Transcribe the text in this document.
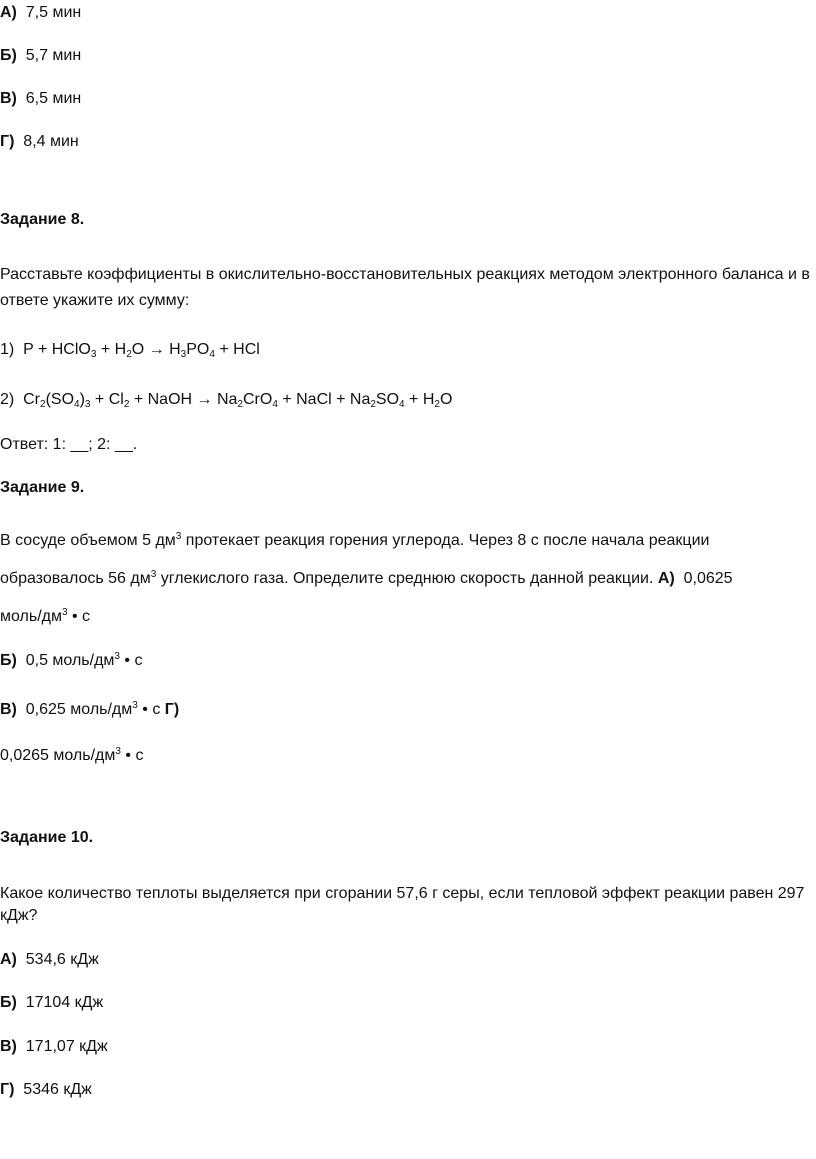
А) 7,5 мин
Б) 5,7 мин
В) 6,5 мин
Г) 8,4 мин
Задание 8.
Расставьте коэффициенты в окислительно-восстановительных реакциях методом электронного баланса и в
ответе укажите их сумму:
1)  P + HClO$_3$ + $H_2O \to H_3PO_4$ + HCl
2)  $Cr_2(SO_4)_3 + Cl_2$ + NaOH → $Na_2CrO_4$ + NaCl + $Na_2SO_4 + H_2O$
Ответ: 1: __; 2: __.
Задание 9.
В сосуде объемом 5 $дм^3$ протекает реакция горения углерода. Через 8 с после начала реакции
образовалось 56 $дм^3$ углекислого газа. Определите среднюю скорость данной реакции. А)  0,0625
моль/$дм^3$ • с
Б)  0,5 моль/$дм^3$ • с
В)  0,625 моль/$дм^3$ • с Г)
0,0265 моль/$дм^3$ • с
Задание 10.
Какое количество теплоты выделяется при сгорании 57,6 г серы, если тепловой эффект реакции равен 297
кДж?
А) 534,6 кДж
Б) 17104 кДж
В) 171,07 кДж
Г) 5346 кДж
